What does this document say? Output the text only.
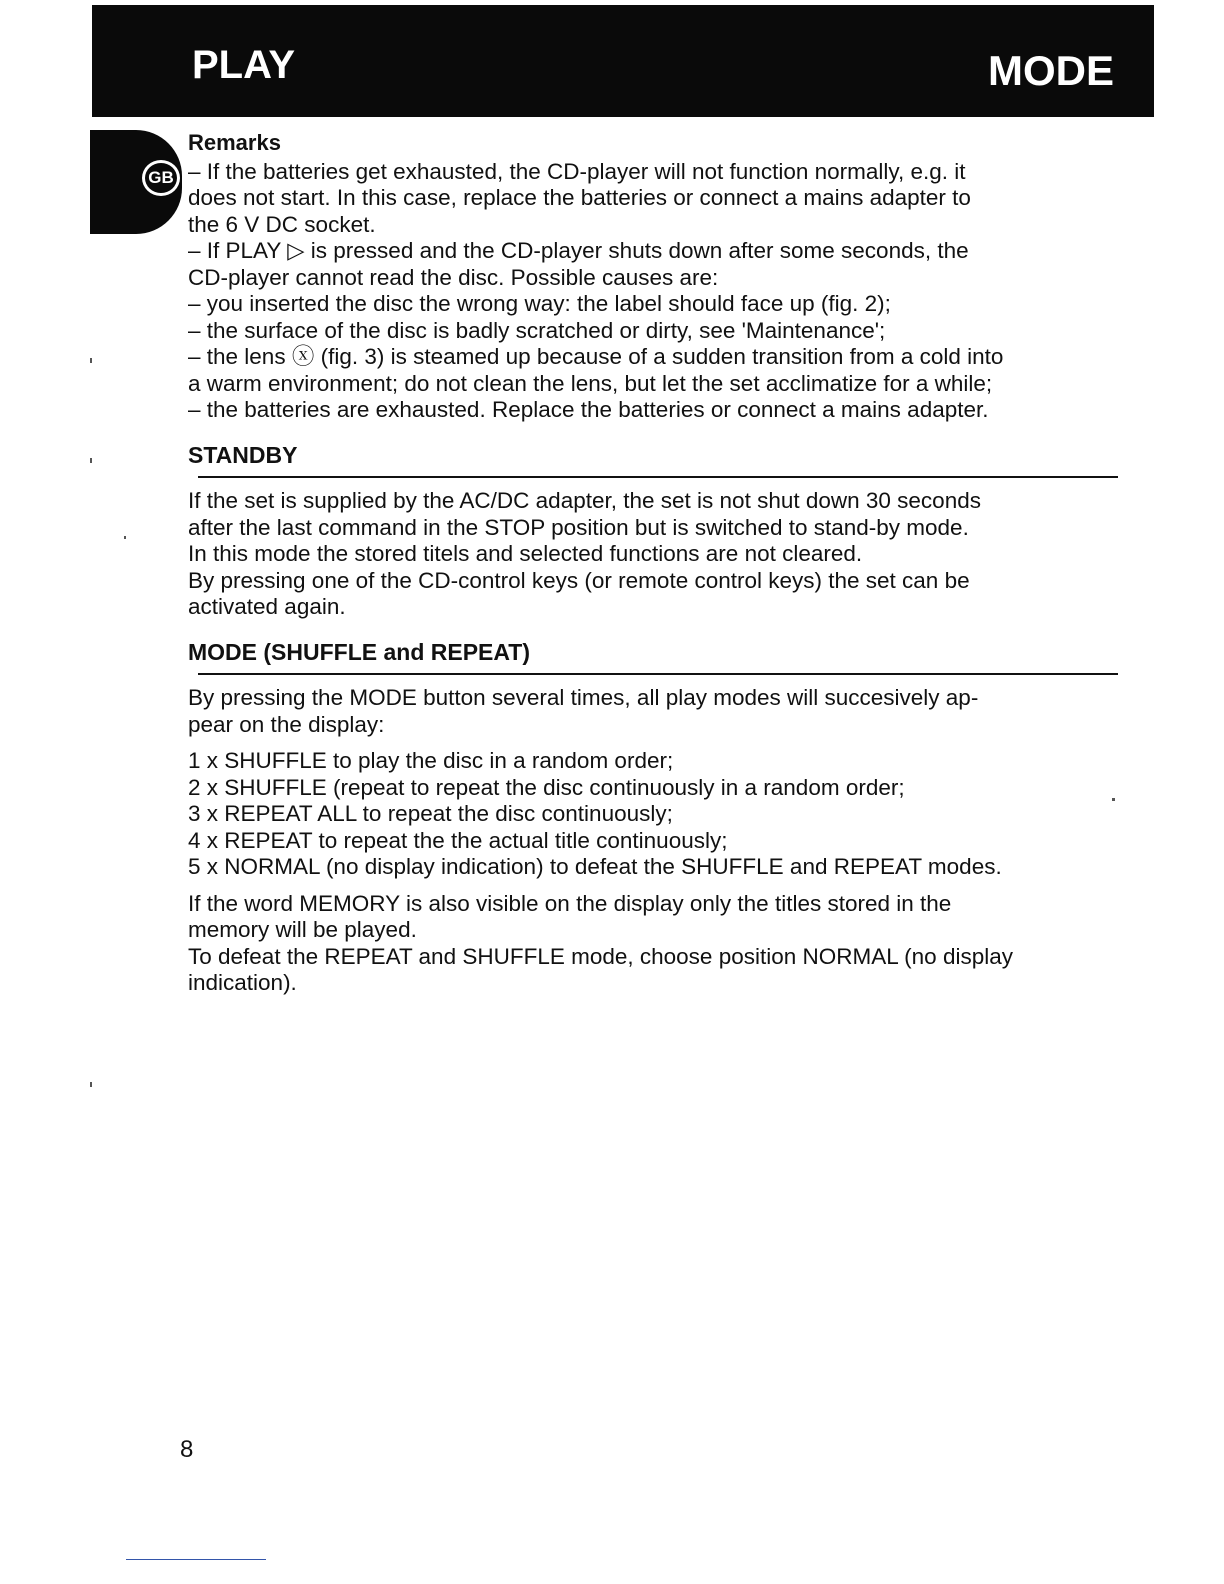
PLAY	MODE
GB
Remarks
– If the batteries get exhausted, the CD-player will not function normally, e.g. it
does not start. In this case, replace the batteries or connect a mains adapter to
the 6 V DC socket.
– If PLAY ▷ is pressed and the CD-player shuts down after some seconds, the
CD-player cannot read the disc. Possible causes are:
– you inserted the disc the wrong way: the label should face up (fig. 2);
– the surface of the disc is badly scratched or dirty, see 'Maintenance';
– the lens ⓧ (fig. 3) is steamed up because of a sudden transition from a cold into
a warm environment; do not clean the lens, but let the set acclimatize for a while;
– the batteries are exhausted. Replace the batteries or connect a mains adapter.
STANDBY
If the set is supplied by the AC/DC adapter, the set is not shut down 30 seconds
after the last command in the STOP position but is switched to stand-by mode.
In this mode the stored titels and selected functions are not cleared.
By pressing one of the CD-control keys (or remote control keys) the set can be
activated again.
MODE (SHUFFLE and REPEAT)
By pressing the MODE button several times, all play modes will succesively ap-
pear on the display:
1 x SHUFFLE to play the disc in a random order;
2 x SHUFFLE (repeat to repeat the disc continuously in a random order;
3 x REPEAT ALL to repeat the disc continuously;
4 x REPEAT to repeat the the actual title continuously;
5 x NORMAL (no display indication) to defeat the SHUFFLE and REPEAT modes.
If the word MEMORY is also visible on the display only the titles stored in the
memory will be played.
To defeat the REPEAT and SHUFFLE mode, choose position NORMAL (no display
indication).
8
